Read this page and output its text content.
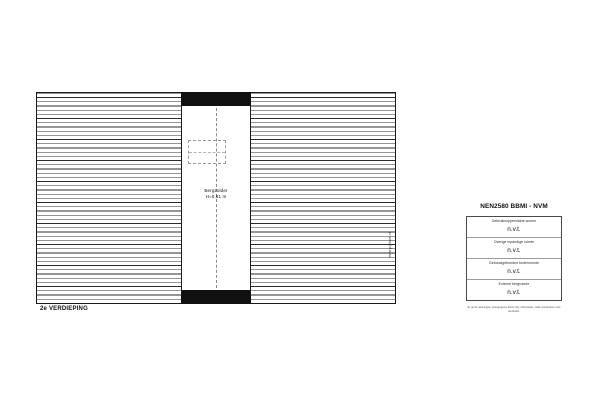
Bergzolder
H=0,61 m
2e VERDIEPING
www.pijlbart.nl
NEN2580 BBMI - NVM
Gebruiksoppervlakte wonen
n.v.t.
Overige inpandige ruimte
n.v.t.
Gebouwgebonden buitenruimte
n.v.t.
Externe bergruimte
n.v.t.
Er op de tekeningen weergegeven kleine (bij- cirkonstate, zoals nustanbaum van aterfoutie.
